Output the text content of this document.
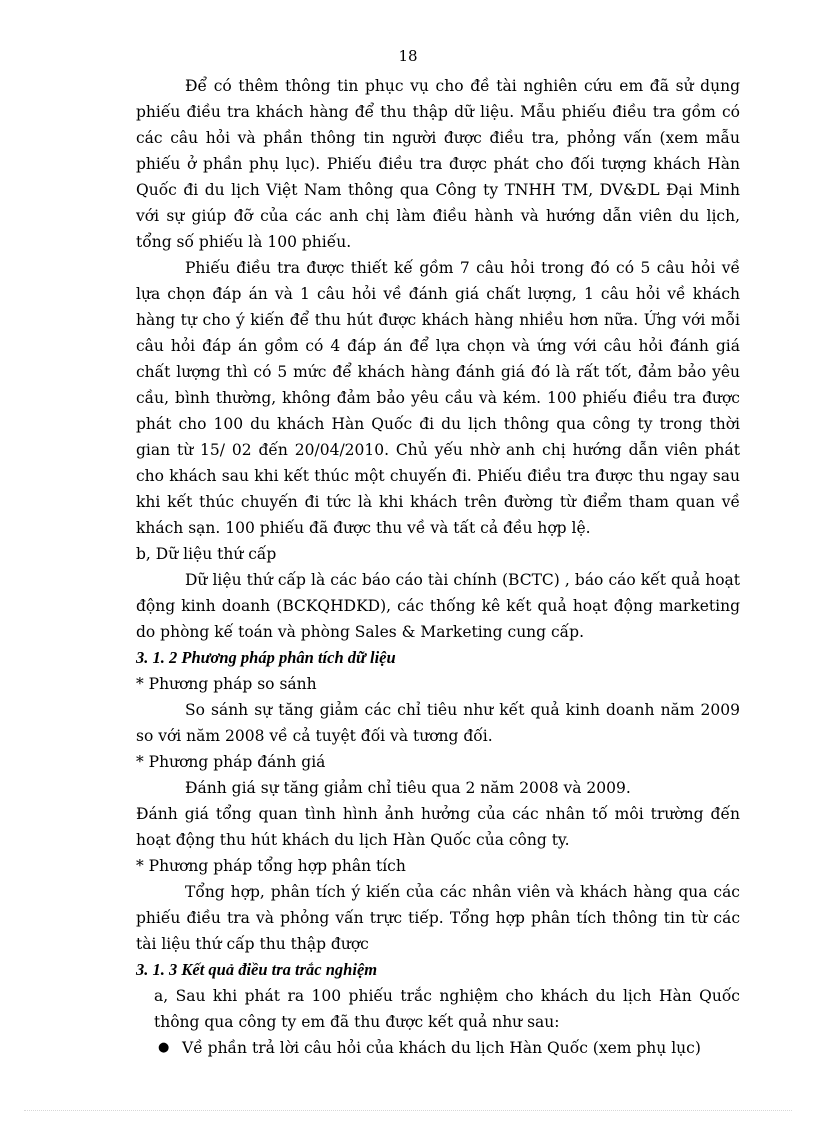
18

Để có thêm thông tin phục vụ cho đề tài nghiên cứu em đã sử dụng phiếu điều tra khách hàng để thu thập dữ liệu. Mẫu phiếu điều tra gồm có các câu hỏi và phần thông tin người được điều tra, phỏng vấn (xem mẫu phiếu ở phần phụ lục). Phiếu điều tra được phát cho đối tượng khách Hàn Quốc đi du lịch Việt Nam thông qua Công ty TNHH TM, DV&DL Đại Minh với sự giúp đỡ của các anh chị làm điều hành và hướng dẫn viên du lịch, tổng số phiếu là 100 phiếu.

Phiếu điều tra được thiết kế gồm 7 câu hỏi trong đó có 5 câu hỏi về lựa chọn đáp án và 1 câu hỏi về đánh giá chất lượng, 1 câu hỏi về khách hàng tự cho ý kiến để thu hút được khách hàng nhiều hơn nữa. Ứng với mỗi câu hỏi đáp án gồm có 4 đáp án để lựa chọn và ứng với câu hỏi đánh giá chất lượng thì có 5 mức để khách hàng đánh giá đó là rất tốt, đảm bảo yêu cầu, bình thường, không đảm bảo yêu cầu và kém. 100 phiếu điều tra được phát cho 100 du khách Hàn Quốc đi du lịch thông qua công ty trong thời gian từ 15/ 02 đến 20/04/2010. Chủ yếu nhờ anh chị hướng dẫn viên phát cho khách sau khi kết thúc một chuyến đi. Phiếu điều tra được thu ngay sau khi kết thúc chuyến đi tức là khi khách trên đường từ điểm tham quan về khách sạn. 100 phiếu đã được thu về và tất cả đều hợp lệ.

b, Dữ liệu thứ cấp

Dữ liệu thứ cấp là các báo cáo tài chính (BCTC) , báo cáo kết quả hoạt động kinh doanh (BCKQHDKD), các thống kê kết quả hoạt động marketing do phòng kế toán và phòng Sales & Marketing cung cấp.

3. 1. 2 Phương pháp phân tích dữ liệu

* Phương pháp so sánh

So sánh sự tăng giảm các chỉ tiêu như kết quả kinh doanh năm 2009 so với năm 2008 về cả tuyệt đối và tương đối.

* Phương pháp đánh giá

Đánh giá sự tăng giảm chỉ tiêu qua 2 năm 2008 và 2009.

Đánh giá tổng quan tình hình ảnh hưởng của các nhân tố môi trường đến hoạt động thu hút khách du lịch Hàn Quốc của công ty.

* Phương pháp tổng hợp phân tích

Tổng hợp, phân tích ý kiến của các nhân viên và khách hàng qua các phiếu điều tra và phỏng vấn trực tiếp. Tổng hợp phân tích thông tin từ các tài liệu thứ cấp thu thập được

3. 1. 3 Kết quả điều tra trắc nghiệm

a, Sau khi phát ra 100 phiếu trắc nghiệm cho khách du lịch Hàn Quốc thông qua công ty em đã thu được kết quả như sau:

● Về phần trả lời câu hỏi của khách du lịch Hàn Quốc (xem phụ lục)
